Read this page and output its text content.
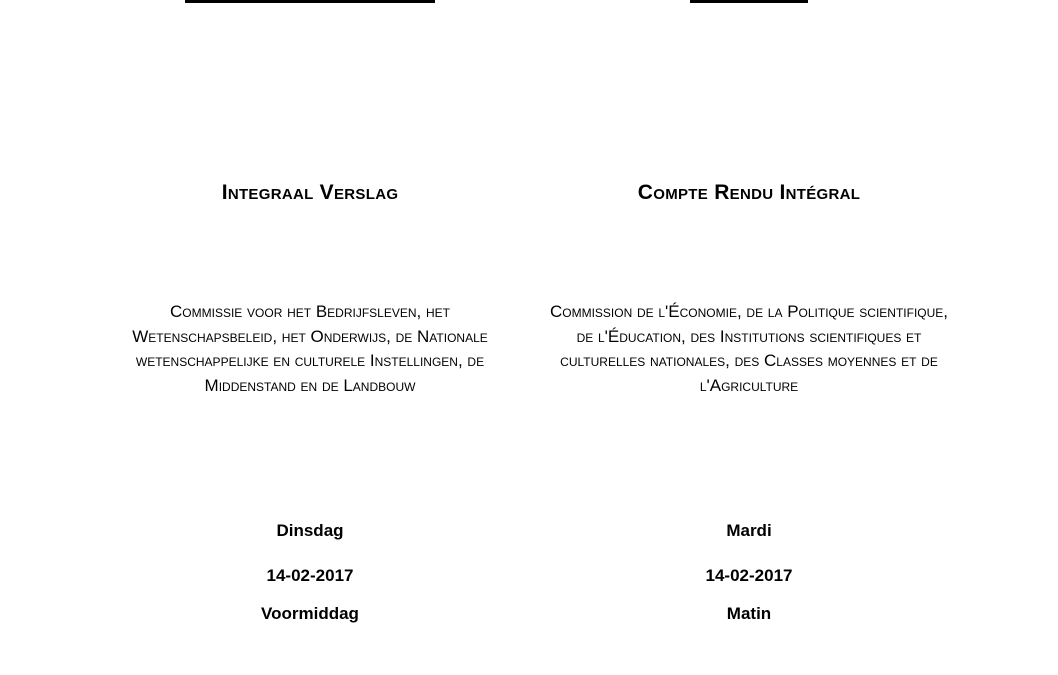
Integraal Verslag
Commissie voor het Bedrijfsleven, het Wetenschapsbeleid, het Onderwijs, de Nationale wetenschappelijke en culturele Instellingen, de Middenstand en de Landbouw
Dinsdag
14-02-2017
Voormiddag
Compte Rendu Intégral
Commission de l'Économie, de la Politique scientifique, de l'Éducation, des Institutions scientifiques et culturelles nationales, des Classes moyennes et de l'Agriculture
Mardi
14-02-2017
Matin
